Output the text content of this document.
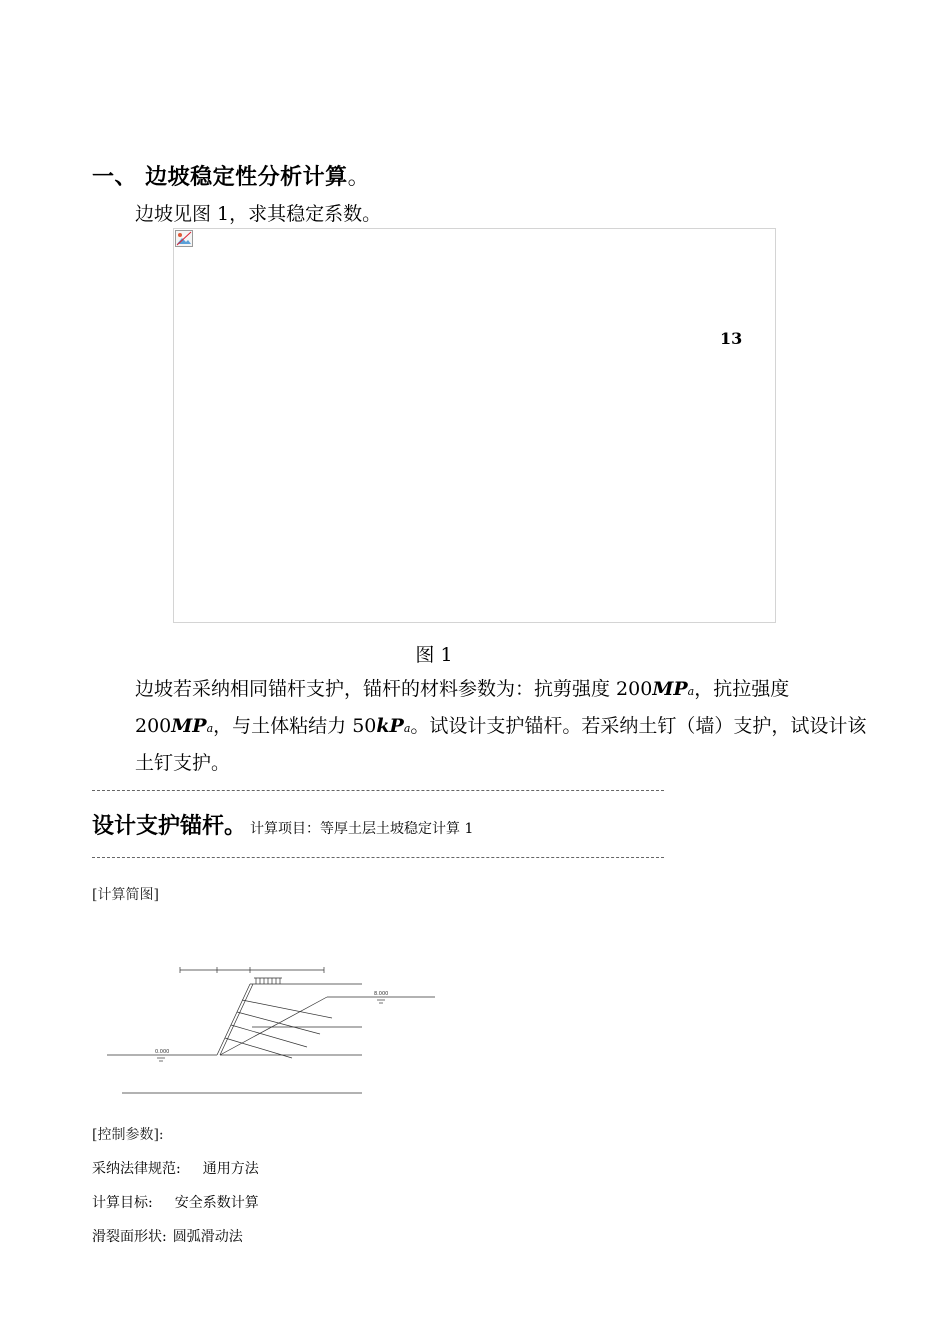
一、 边坡稳定性分析计算。
边坡见图 1，求其稳定系数。
13
图 1
边坡若采纳相同锚杆支护，锚杆的材料参数为：抗剪强度 200MPa，抗拉强度 200MPa，与土体粘结力 50kPa。试设计支护锚杆。若采纳土钉（墙）支护，试设计该土钉支护。
设计支护锚杆。 计算项目：等厚土层土坡稳定计算 1
[计算简图]
0.000
8.000
[控制参数]:
采纳法律规范: 通用方法
计算目标: 安全系数计算
滑裂面形状: 圆弧滑动法
